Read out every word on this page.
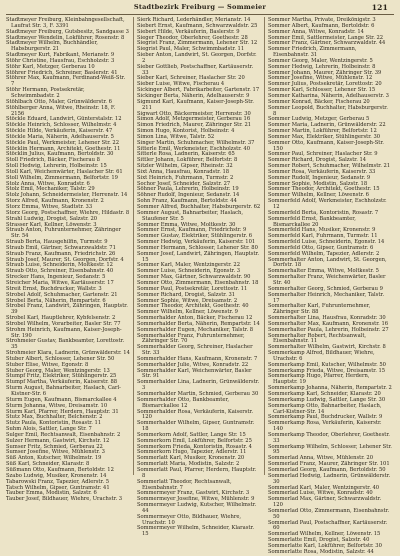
Stadtbezirk Freiburg — Sommeier	121

Stadtmeyer Freiburg, Kleinbahngesellschaft, Laufrat Str. 3, F. 3391

Stadtmeyer Freiburg, Gutsbesitz, Sandgasse 3

Stadtmeyer Wendelin, Lokführer, Rosenstr. 8

Stadtmeyer Wilhelm, Buchhändler, Habsburgerstr. 21

Stadtmeyer Kurt, Fabrikant, Merianstr. 9

Stöhr Christine, Hausfrau, Eschholzstr. 3

Stöhr Karl, Metzger, Gerberau 10

Stöhrer Friedrich, Schreiner, Baslerstr. 41

Stöhrer Max, Kaufmann, Ferdinand-Weiß-Str. 7

Stöhr Hermann, Postsekretär, Schwimmbadstr. 2

Stöhlbach Otto, Maler, Grünwälderstr. 6

Stöhlberger Anna, Witwe, Rheinstr. 18, F. 2156

Stöckle Eduard, Landwirt, Günterstalstr. 12

Stöckle Heinrich, Schlosser, Wilhelmstr. 4

Stöckle Hilde, Verkäuferin, Kaiserstr. 47

Stöckle Maria, Näherin, Adelhauserstr. 5

Stöckle Paul, Werkmeister, Lehener Str. 22

Stöcklin Hermann, Architekt, Goethestr. 11

Stöcklin Julius, Kaufmann, Bertoldstr. 30

Stoll Friedrich, Bäcker, Fischerau 8

Stoll Hedwig, Lehrerin, Holbeinstr. 15

Stoll Karl, Weichenwärter, Haslacher Str. 61

Stoll Wilhelm, Zimmermann, Belfortstr. 19

Stolz Anna, Witwe, Konradstr. 6

Stolz Emil, Mechaniker, Talstr. 29

Stolz Johann, Schneidermeister, Herrenstr. 14

Storz Alfred, Kaufmann, Kronenstr. 2

Storz Emma, Witwe, Stadtstr. 33

Storz Georg, Postschaffner, Wiehre, Hildastr. 8

Strahl Ludwig, Drogist, Salzstr. 20

Strasser Karl, Kellner, Löwenstr. 3

Straub Anton, Fuhrunternehmer, Zähringer Str. 54

Straub Berta, Hausgehilfin, Turmstr. 9

Straub Emil, Gärtner, Schwarzwaldstr. 71

Straub Franz, Kaufmann, Friedrichstr. 26

Straub Josef, Maurer, St. Georgen, Dorfstr. 4

Straub Luise, Schneiderin, Moltkestr. 12

Straub Otto, Schreiner, Eisenbahnstr. 40

Strecker Hans, Ingenieur, Sedanstr. 5

Streicher Maria, Witwe, Kartäuserstr. 17

Streit Ernst, Buchdrucker, Wallstr. 3

Strobel Adolf, Schuhmacher, Gartenstr. 21

Strobel Berta, Näherin, Rempartstr. 6

Strobel Franz, Landwirt, Zähringen, Hauptstr. 39

Strobel Karl, Hauptlehrer, Kybfelsenstr. 2

Strobel Wilhelm, Vorarbeiter, Basler Str. 77

Strohm Heinrich, Kaufmann, Kaiser-Joseph-Str. 190

Strohmeier Gustav, Bankbeamter, Lorettostr. 35

Strohmeier Klara, Ladnerin, Grünwälderstr. 14

Stuber Albert, Schlosser, Lehener Str. 50

Stuber Elise, Witwe, Egonstr. 8

Stuber Georg, Maler, Wentzingerstr. 13

Stumpf Fritz, Elektriker, Stühlingerstr. 25

Stumpf Martha, Verkäuferin, Kaiserstr. 88

Sturm August, Bahnarbeiter, Haslach, Carl-Kistner-Str. 6

Sturm Eugen, Kaufmann, Bismarckallee 4

Sturm Johanna, Witwe, Dreisamstr. 10

Sturm Karl, Pfarrer, Herdern, Hauptstr. 31

Stutz Max, Buchhalter, Belchenstr. 2

Stutz Paula, Kontoristin, Rosastr. 11

Suhm Alois, Sattler, Lange Str. 7

Sulger Emil, Rechtsanwalt, Eisenbahnstr. 2

Sulzer Hermann, Gastwirt, Kirchstr. 12

Sumser Fritz, Schmied, Gerberau 22

Sumser Josefine, Witwe, Mühlenstr. 3

Süß Anton, Kutscher, Wilhelmstr. 19

Süß Karl, Schneider, Klarastr. 8

Süßmann Otto, Kaufmann, Bertoldstr. 12

Szabo Ludwig, Musiker, Kronenstr. 14

Tabarowski Franz, Tapezier, Adlerstr. 5

Tatsch Wilhelm, Gipser, Guntramstr. 41

Tauber Emma, Modistin, Salzstr. 6

Tauber Josef, Bildhauer, Wiehre, Urachstr. 3

Sierk Richard, Lederhändler, Merianstr. 14

Siebert Ernst, Kaufmann, Schwarzwaldstr. 25

Siebert Hilde, Verkäuferin, Baslerstr. 9

Sieger Theodor, Oberlehrer, Goethestr. 28

Siegrist Franz, Zimmermann, Lehener Str. 12

Siegrist Paul, Maler, Schwimmbadstr. 11

Sieber Anton, Landwirt, St. Georgen, Dorfstr. 2

Sieber Gottlieb, Postschaffner, Kartäuserstr. 33

Sieber Karl, Schreiner, Haslacher Str. 20

Sieber Luise, Witwe, Fischerau 4

Sickinger Albert, Fabrikarbeiter, Gartenstr. 17

Sickinger Berta, Näherin, Adelhauserstr. 9

Sigmund Karl, Kaufmann, Kaiser-Joseph-Str. 211

Sigwart Otto, Bäckermeister, Herrenstr. 30

Simon Adolf, Metzgermeister, Gerberau 16

Simon Friedrich, Maurer, Zähringer Str. 21

Simon Hugo, Kontorist, Holbeinstr. 4

Simon Lina, Witwe, Talstr. 52

Singer Martin, Schuhmacher, Wilhelmstr. 37

Sitterle Emil, Werkmeister, Eschholzstr. 40

Sitterle Rosa, Ladnerin, Kaiserstr. 65

Sittler Johann, Lokführer, Belfortstr. 8

Sitzler Wilhelm, Gipser, Rheinstr. 32

Sixt Anna, Hausfrau, Konradstr. 18

Sixt Heinrich, Fuhrmann, Turmstr. 2

Sochor Josef, Schneider, Salzstr. 27

Söhner Paula, Lehrerin, Holbeinstr. 19

Söhner Rudolf, Ingenieur, Sedanstr. 14

Sohn Franz, Kaufmann, Bertoldstr. 44

Sommer Alfred, Buchhalter, Habsburgerstr. 62

Sommer August, Bahnarbeiter, Haslach, Staufener Str. 5

Sommer Emma, Witwe, Moltkestr. 30

Sommer Ernst, Kaufmann, Friedrichstr. 9

Sommer Gustav, Elektriker, Stühlingerstr. 6

Sommer Hedwig, Verkäuferin, Kaiserstr. 101

Sommer Hermann, Schlosser, Lehener Str. 80

Sommer Josef, Landwirt, Zähringen, Hauptstr. 15

Sommer Karl, Maler, Wentzingerstr. 22

Sommer Luise, Schneiderin, Egonstr. 3

Sommer Max, Gärtner, Schwarzwaldstr. 90

Sommer Otto, Zimmermann, Eisenbahnstr. 18

Sommer Paul, Postsekretär, Lorettostr. 11

Sommer Richard, Drogist, Salzstr. 31

Sommer Sophie, Witwe, Dreisamstr. 2

Sommer Theodor, Architekt, Goethestr. 40

Sommer Wilhelm, Kellner, Löwenstr. 9

Sommerhalder Anton, Bäcker, Fischerau 12

Sommerhalder Berta, Näherin, Rempartstr. 14

Sommerhalder Eugen, Mechaniker, Talstr. 8

Sommerhalder Franz, Fuhrunternehmer, Zähringer Str. 70

Sommerhalder Georg, Schreiner, Haslacher Str. 33

Sommerhalder Hans, Kaufmann, Kronenstr. 7

Sommerhalder Julie, Witwe, Konradstr. 22

Sommerhalder Karl, Weichenwärter, Basler Str. 91

Sommerhalder Lina, Ladnerin, Grünwälderstr. 3

Sommerhalder Martin, Schmied, Gerberau 30

Sommerhalder Otto, Bankbeamter, Bismarckallee 12

Sommerhalder Rosa, Verkäuferin, Kaiserstr. 120

Sommerhalder Wilhelm, Gipser, Guntramstr. 18

Sommerkorn Adolf, Sattler, Lange Str. 15

Sommerkorn Emil, Lokführer, Belfortstr. 25

Sommerkorn Frieda, Kontoristin, Rosastr. 4

Sommerkorn Hugo, Tapezier, Adlerstr. 11

Sommerlatt Karl, Musiker, Kronenstr. 20

Sommerlatt Maria, Modistin, Salzstr. 2

Sommerlatt Paul, Pfarrer, Herdern, Hauptstr. 8

Sommerlatt Theodor, Rechtsanwalt, Eisenbahnstr. 7

Sommermeyer Franz, Gastwirt, Kirchstr. 3

Sommermeyer Josefine, Witwe, Mühlenstr. 9

Sommermeyer Ludwig, Kutscher, Wilhelmstr. 44

Sommermeyer Otto, Bildhauer, Wiehre, Urachstr. 10

Sommermeyer Wilhelm, Schneider, Klarastr. 15

Sommer Martha, Private, Dreikönigstr. 3

Sommer Albert, Kaufmann, Bertoldstr. 6

Sommer Anna, Witwe, Konradstr. 14

Sommer Emil, Sattlermeister, Lange Str. 22

Sommer Franz, Gärtner, Schwarzwaldstr. 44

Sommer Friedrich, Zimmermann, Eisenbahnstr. 31

Sommer Georg, Maler, Wentzingerstr. 5

Sommer Hedwig, Lehrerin, Holbeinstr. 8

Sommer Johann, Maurer, Zähringer Str. 39

Sommer Josefine, Witwe, Mühlenstr. 12

Sommer Julius, Postsekretär, Lorettostr. 20

Sommer Karl, Schlosser, Lehener Str. 15

Sommer Katharina, Näherin, Adelhauserstr. 3

Sommer Konrad, Bäcker, Fischerau 20

Sommer Leopold, Buchhalter, Habsburgerstr. 8

Sommer Ludwig, Metzger, Gerberau 5

Sommer Maria, Ladnerin, Grünwälderstr. 22

Sommer Martin, Lokführer, Belfortstr. 12

Sommer Max, Elektriker, Stühlingerstr. 30

Sommer Otto, Kaufmann, Kaiser-Joseph-Str. 150

Sommer Paul, Schreiner, Haslacher Str. 9

Sommer Richard, Drogist, Salzstr. 14

Sommer Robert, Schuhmacher, Wilhelmstr. 21

Sommer Rosa, Verkäuferin, Kaiserstr. 33

Sommer Rudolf, Ingenieur, Sedanstr. 9

Sommer Sophie, Modistin, Salzstr. 18

Sommer Theodor, Architekt, Goethestr. 15

Sommer Wilhelm, Kellner, Löwenstr. 6

Sommerfeld Adolf, Werkmeister, Eschholzstr. 12

Sommerfeld Berta, Kontoristin, Rosastr. 7

Sommerfeld Ernst, Bankbeamter, Bismarckallee 20

Sommerfeld Hans, Musiker, Kronenstr. 9

Sommerfeld Karl, Fuhrmann, Turmstr. 11

Sommerfeld Luise, Schneiderin, Egonstr. 14

Sommerfeld Otto, Gipser, Guntramstr. 6

Sommerfeld Wilhelm, Tapezier, Adlerstr. 2

Sommerhalter Anton, Landwirt, St. Georgen, Dorfstr. 18

Sommerhalter Emma, Witwe, Moltkestr. 5

Sommerhalter Franz, Weichenwärter, Basler Str. 40

Sommerhalter Georg, Schmied, Gerberau 9

Sommerhalter Heinrich, Mechaniker, Talstr. 17

Sommerhalter Karl, Fuhrunternehmer, Zähringer Str. 88

Sommerhalter Lina, Hausfrau, Konradstr. 30

Sommerhalter Max, Kaufmann, Kronenstr. 16

Sommerhalter Paula, Lehrerin, Holbeinstr. 27

Sommerhalter Robert, Rechtsanwalt, Eisenbahnstr. 11

Sommerhalter Wilhelm, Gastwirt, Kirchstr. 8

Sommerkamp Alfred, Bildhauer, Wiehre, Urachstr. 6

Sommerkamp Emil, Kutscher, Wilhelmstr. 50

Sommerkamp Frieda, Witwe, Dreisamstr. 15

Sommerkamp Hugo, Pfarrer, Herdern, Hauptstr. 19

Sommerkamp Johanna, Näherin, Rempartstr. 2

Sommerkamp Karl, Schneider, Klarastr. 20

Sommerkamp Ludwig, Sattler, Lange Str. 30

Sommerkamp Otto, Bahnarbeiter, Haslach, Carl-Kistner-Str. 14

Sommerkamp Paul, Buchdrucker, Wallstr. 9

Sommerkamp Rosa, Verkäuferin, Kaiserstr. 140

Sommerkamp Theodor, Oberlehrer, Goethestr. 33

Sommerkamp Wilhelm, Schlosser, Lehener Str. 95

Sommerlad Anna, Witwe, Mühlenstr. 20

Sommerlad Franz, Maurer, Zähringer Str. 101

Sommerlad Georg, Kaufmann, Bertoldstr. 50

Sommerlad Hedwig, Ladnerin, Grünwälderstr. 30

Sommerlad Karl, Maler, Wentzingerstr. 40

Sommerlad Luise, Witwe, Konradstr. 40

Sommerlad Max, Gärtner, Schwarzwaldstr. 120

Sommerlad Otto, Zimmermann, Eisenbahnstr. 50

Sommerlad Paul, Postschaffner, Kartäuserstr. 60

Sommerlad Wilhelm, Kellner, Löwenstr. 15

Sommerlatte Emil, Drogist, Salzstr. 40

Sommerlatte Karl, Lokführer, Belfortstr. 30

Sommerlatte Rosa, Modistin, Salzstr. 44
